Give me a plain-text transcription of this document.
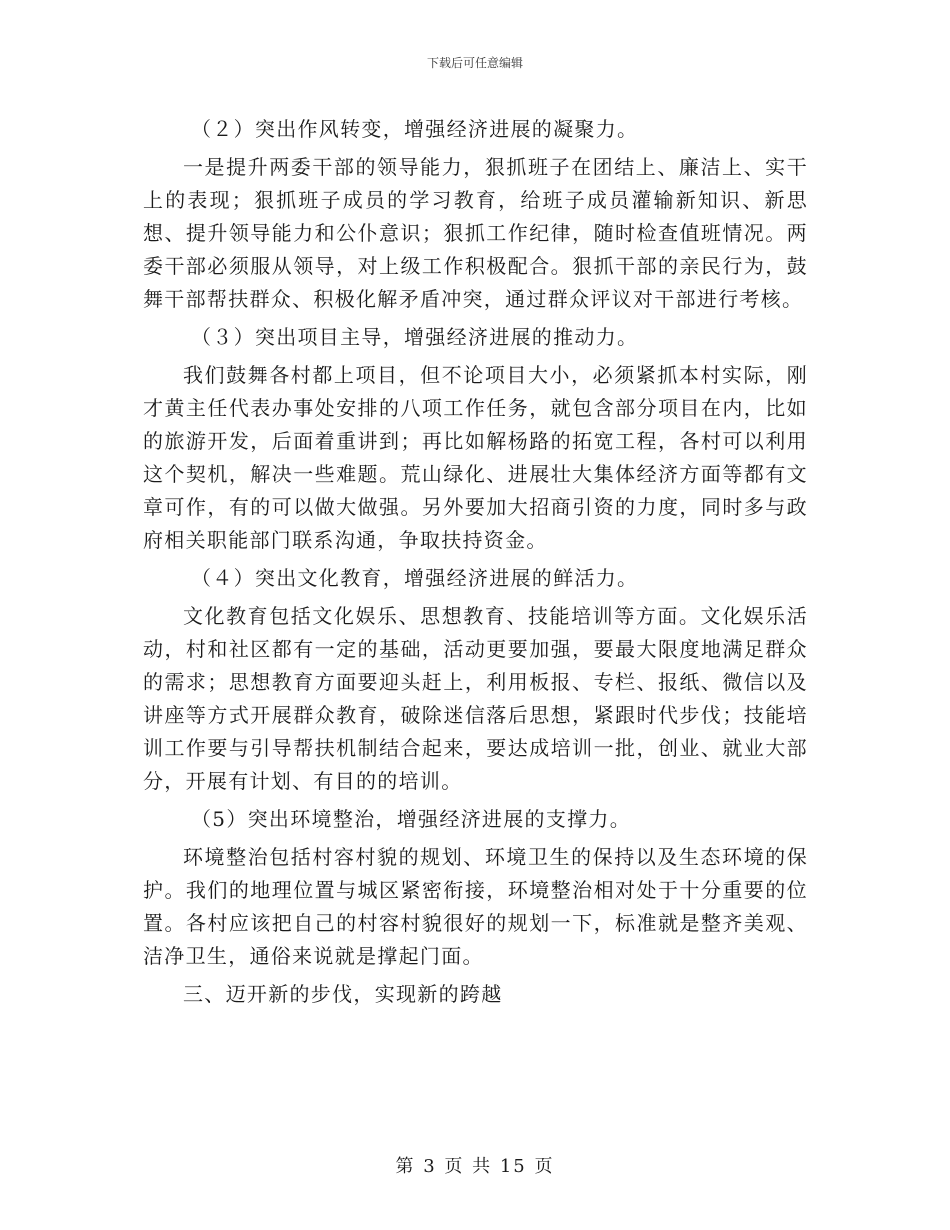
下载后可任意编辑

（２）突出作风转变，增强经济进展的凝聚力。

一是提升两委干部的领导能力，狠抓班子在团结上、廉洁上、实干上的表现；狠抓班子成员的学习教育，给班子成员灌输新知识、新思想、提升领导能力和公仆意识；狠抓工作纪律，随时检查值班情况。两委干部必须服从领导，对上级工作积极配合。狠抓干部的亲民行为，鼓舞干部帮扶群众、积极化解矛盾冲突，通过群众评议对干部进行考核。

（３）突出项目主导，增强经济进展的推动力。

我们鼓舞各村都上项目，但不论项目大小，必须紧抓本村实际，刚才黄主任代表办事处安排的八项工作任务，就包含部分项目在内，比如的旅游开发，后面着重讲到；再比如解杨路的拓宽工程，各村可以利用这个契机，解决一些难题。荒山绿化、进展壮大集体经济方面等都有文章可作，有的可以做大做强。另外要加大招商引资的力度，同时多与政府相关职能部门联系沟通，争取扶持资金。

（４）突出文化教育，增强经济进展的鲜活力。

文化教育包括文化娱乐、思想教育、技能培训等方面。文化娱乐活动，村和社区都有一定的基础，活动更要加强，要最大限度地满足群众的需求；思想教育方面要迎头赶上，利用板报、专栏、报纸、微信以及讲座等方式开展群众教育，破除迷信落后思想，紧跟时代步伐；技能培训工作要与引导帮扶机制结合起来，要达成培训一批，创业、就业大部分，开展有计划、有目的的培训。

（5）突出环境整治，增强经济进展的支撑力。

环境整治包括村容村貌的规划、环境卫生的保持以及生态环境的保护。我们的地理位置与城区紧密衔接，环境整治相对处于十分重要的位置。各村应该把自己的村容村貌很好的规划一下，标准就是整齐美观、洁净卫生，通俗来说就是撑起门面。

三、迈开新的步伐，实现新的跨越

第 3 页 共 15 页
